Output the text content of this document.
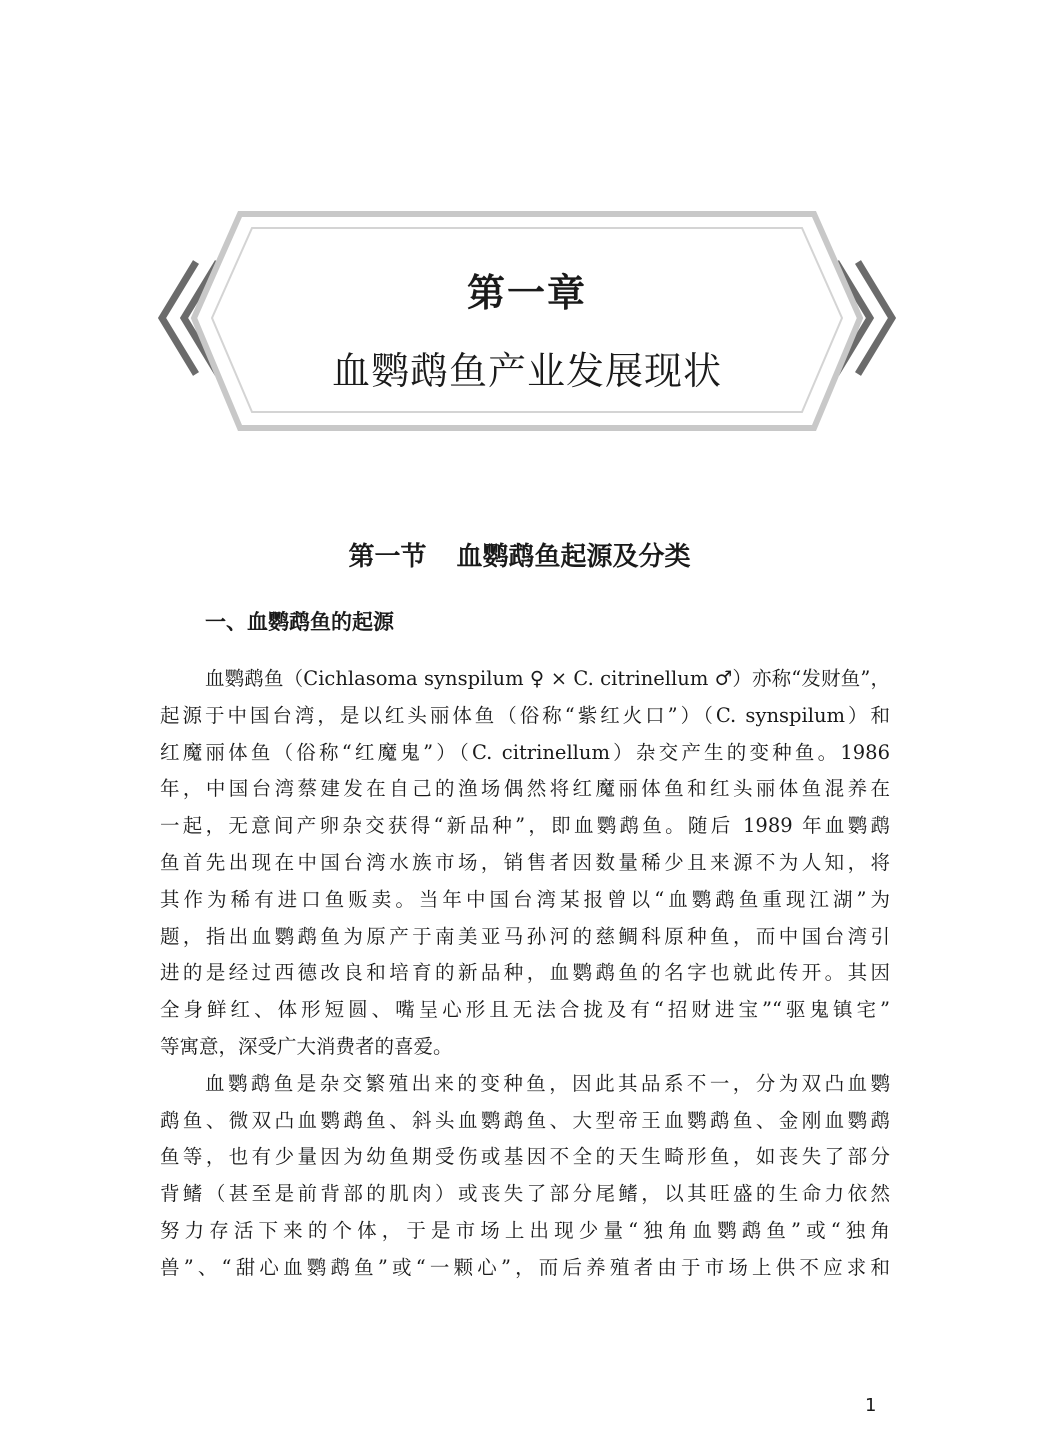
第一章
血鹦鹉鱼产业发展现状
第一节 血鹦鹉鱼起源及分类
一、血鹦鹉鱼的起源
血鹦鹉鱼（Cichlasoma synspilum ♀ × C. citrinellum ♂）亦称“发财鱼”，
起源于中国台湾，是以红头丽体鱼（俗称“紫红火口”）（C. synspilum）和
红魔丽体鱼（俗称“红魔鬼”）（C. citrinellum）杂交产生的变种鱼。1986
年，中国台湾蔡建发在自己的渔场偶然将红魔丽体鱼和红头丽体鱼混养在
一起，无意间产卵杂交获得“新品种”，即血鹦鹉鱼。随后 1989 年血鹦鹉
鱼首先出现在中国台湾水族市场，销售者因数量稀少且来源不为人知，将
其作为稀有进口鱼贩卖。当年中国台湾某报曾以“血鹦鹉鱼重现江湖”为
题，指出血鹦鹉鱼为原产于南美亚马孙河的慈鲷科原种鱼，而中国台湾引
进的是经过西德改良和培育的新品种，血鹦鹉鱼的名字也就此传开。其因
全身鲜红、体形短圆、嘴呈心形且无法合拢及有“招财进宝”“驱鬼镇宅”
等寓意，深受广大消费者的喜爱。
血鹦鹉鱼是杂交繁殖出来的变种鱼，因此其品系不一，分为双凸血鹦
鹉鱼、微双凸血鹦鹉鱼、斜头血鹦鹉鱼、大型帝王血鹦鹉鱼、金刚血鹦鹉
鱼等，也有少量因为幼鱼期受伤或基因不全的天生畸形鱼，如丧失了部分
背鳍（甚至是前背部的肌肉）或丧失了部分尾鳍，以其旺盛的生命力依然
努力存活下来的个体，于是市场上出现少量“独角血鹦鹉鱼”或“独角
兽”、“甜心血鹦鹉鱼”或“一颗心”，而后养殖者由于市场上供不应求和
1
